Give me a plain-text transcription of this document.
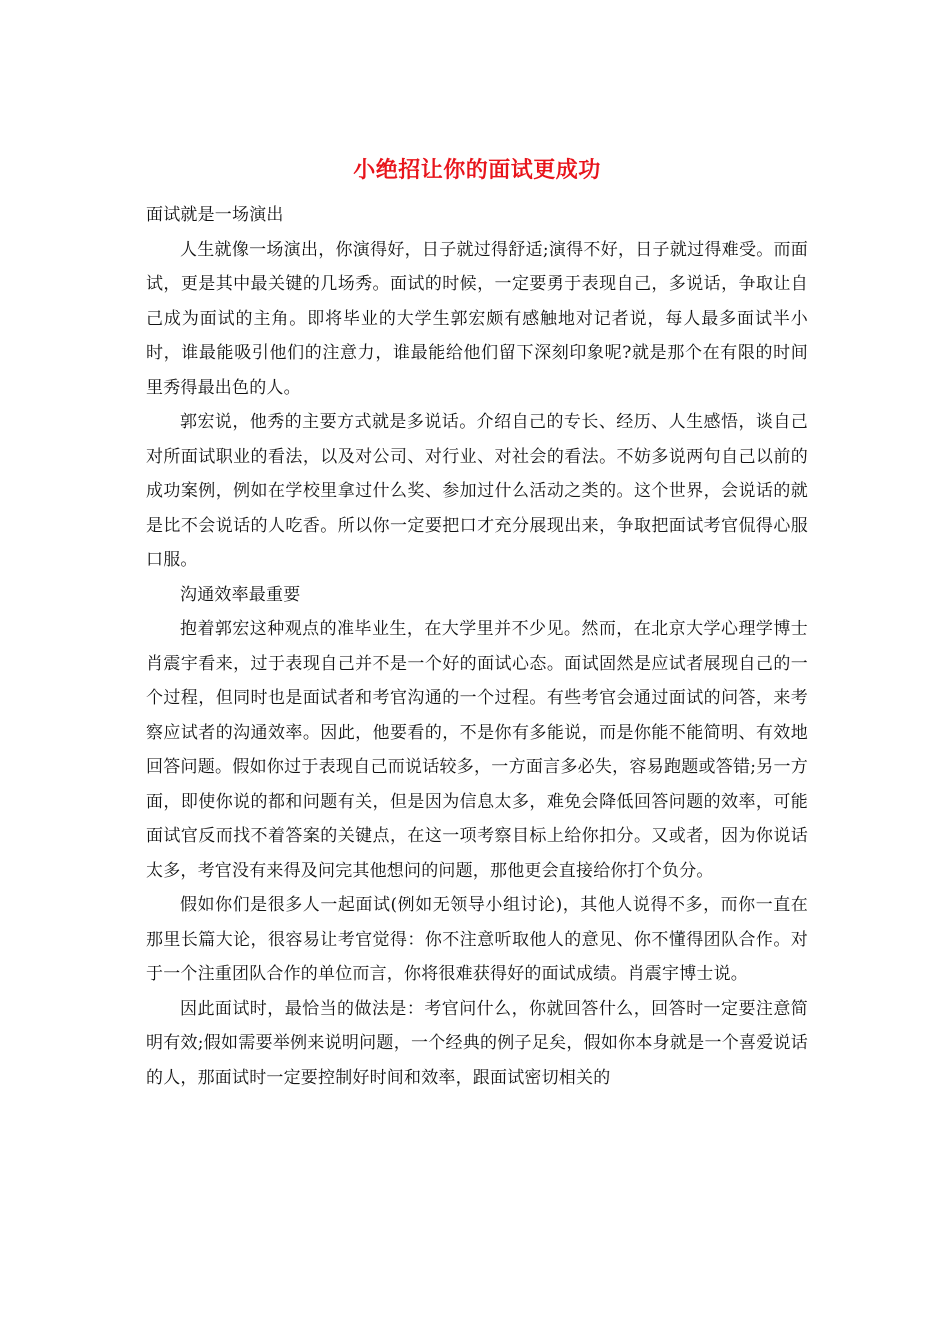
小绝招让你的面试更成功

面试就是一场演出

人生就像一场演出，你演得好，日子就过得舒适;演得不好，日子就过得难受。而面试，更是其中最关键的几场秀。面试的时候，一定要勇于表现自己，多说话，争取让自己成为面试的主角。即将毕业的大学生郭宏颇有感触地对记者说，每人最多面试半小时，谁最能吸引他们的注意力，谁最能给他们留下深刻印象呢?就是那个在有限的时间里秀得最出色的人。

郭宏说，他秀的主要方式就是多说话。介绍自己的专长、经历、人生感悟，谈自己对所面试职业的看法，以及对公司、对行业、对社会的看法。不妨多说两句自己以前的成功案例，例如在学校里拿过什么奖、参加过什么活动之类的。这个世界，会说话的就是比不会说话的人吃香。所以你一定要把口才充分展现出来，争取把面试考官侃得心服口服。

沟通效率最重要

抱着郭宏这种观点的准毕业生，在大学里并不少见。然而，在北京大学心理学博士肖震宇看来，过于表现自己并不是一个好的面试心态。面试固然是应试者展现自己的一个过程，但同时也是面试者和考官沟通的一个过程。有些考官会通过面试的问答，来考察应试者的沟通效率。因此，他要看的，不是你有多能说，而是你能不能简明、有效地回答问题。假如你过于表现自己而说话较多，一方面言多必失，容易跑题或答错;另一方面，即使你说的都和问题有关，但是因为信息太多，难免会降低回答问题的效率，可能面试官反而找不着答案的关键点，在这一项考察目标上给你扣分。又或者，因为你说话太多，考官没有来得及问完其他想问的问题，那他更会直接给你打个负分。

假如你们是很多人一起面试(例如无领导小组讨论)，其他人说得不多，而你一直在那里长篇大论，很容易让考官觉得：你不注意听取他人的意见、你不懂得团队合作。对于一个注重团队合作的单位而言，你将很难获得好的面试成绩。肖震宇博士说。

因此面试时，最恰当的做法是：考官问什么，你就回答什么，回答时一定要注意简明有效;假如需要举例来说明问题，一个经典的例子足矣，假如你本身就是一个喜爱说话的人，那面试时一定要控制好时间和效率，跟面试密切相关的
